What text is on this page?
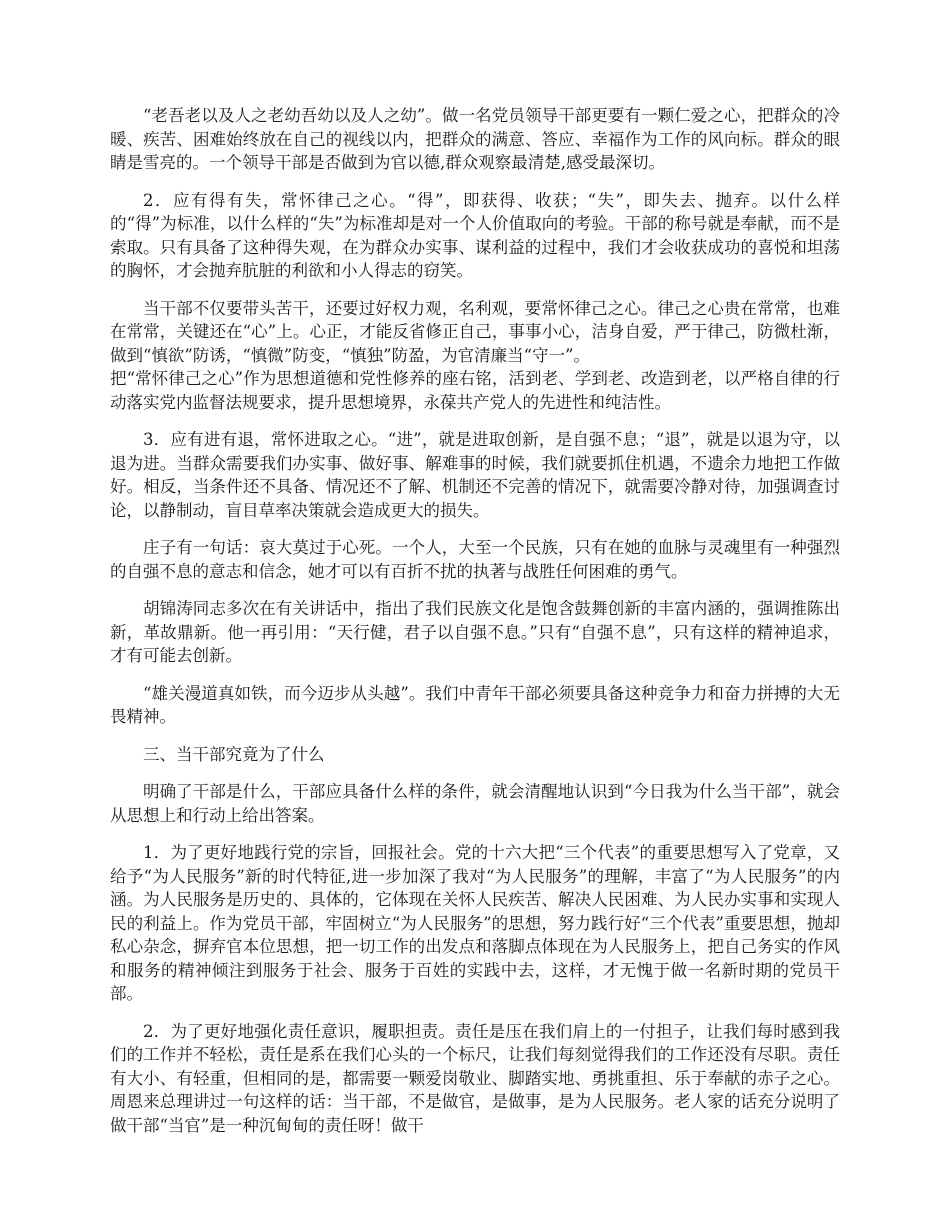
“老吾老以及人之老幼吾幼以及人之幼”。做一名党员领导干部更要有一颗仁爱之心，把群众的冷暖、疾苦、困难始终放在自己的视线以内，把群众的满意、答应、幸福作为工作的风向标。群众的眼睛是雪亮的。一个领导干部是否做到为官以德,群众观察最清楚,感受最深切。

2．应有得有失，常怀律己之心。“得”，即获得、收获；“失”，即失去、抛弃。以什么样的“得”为标准，以什么样的“失”为标准却是对一个人价值取向的考验。干部的称号就是奉献，而不是索取。只有具备了这种得失观，在为群众办实事、谋利益的过程中，我们才会收获成功的喜悦和坦荡的胸怀，才会抛弃肮脏的利欲和小人得志的窃笑。

当干部不仅要带头苦干，还要过好权力观，名利观，要常怀律己之心。律己之心贵在常常，也难在常常，关键还在“心”上。心正，才能反省修正自己，事事小心，洁身自爱，严于律己，防微杜渐，做到“慎欲”防诱，“慎微”防变，“慎独”防盈，为官清廉当“守一”。

把“常怀律己之心”作为思想道德和党性修养的座右铭，活到老、学到老、改造到老，以严格自律的行动落实党内监督法规要求，提升思想境界，永葆共产党人的先进性和纯洁性。

3．应有进有退，常怀进取之心。“进”，就是进取创新，是自强不息；“退”，就是以退为守，以退为进。当群众需要我们办实事、做好事、解难事的时候，我们就要抓住机遇，不遗余力地把工作做好。相反，当条件还不具备、情况还不了解、机制还不完善的情况下，就需要冷静对待，加强调查讨论，以静制动，盲目草率决策就会造成更大的损失。

庄子有一句话：哀大莫过于心死。一个人，大至一个民族，只有在她的血脉与灵魂里有一种强烈的自强不息的意志和信念，她才可以有百折不扰的执著与战胜任何困难的勇气。

胡锦涛同志多次在有关讲话中，指出了我们民族文化是饱含鼓舞创新的丰富内涵的，强调推陈出新，革故鼎新。他一再引用：“天行健，君子以自强不息。”只有“自强不息”，只有这样的精神追求，才有可能去创新。

“雄关漫道真如铁，而今迈步从头越”。我们中青年干部必须要具备这种竞争力和奋力拼搏的大无畏精神。

三、当干部究竟为了什么

明确了干部是什么，干部应具备什么样的条件，就会清醒地认识到“今日我为什么当干部”，就会从思想上和行动上给出答案。

1．为了更好地践行党的宗旨，回报社会。党的十六大把“三个代表”的重要思想写入了党章，又给予“为人民服务”新的时代特征,进一步加深了我对“为人民服务”的理解，丰富了“为人民服务”的内涵。为人民服务是历史的、具体的，它体现在关怀人民疾苦、解决人民困难、为人民办实事和实现人民的利益上。作为党员干部，牢固树立“为人民服务”的思想，努力践行好“三个代表”重要思想，抛却私心杂念，摒弃官本位思想，把一切工作的出发点和落脚点体现在为人民服务上，把自己务实的作风和服务的精神倾注到服务于社会、服务于百姓的实践中去，这样，才无愧于做一名新时期的党员干部。

2．为了更好地强化责任意识，履职担责。责任是压在我们肩上的一付担子，让我们每时感到我们的工作并不轻松，责任是系在我们心头的一个标尺，让我们每刻觉得我们的工作还没有尽职。责任有大小、有轻重，但相同的是，都需要一颗爱岗敬业、脚踏实地、勇挑重担、乐于奉献的赤子之心。周恩来总理讲过一句这样的话：当干部，不是做官，是做事，是为人民服务。老人家的话充分说明了做干部“当官”是一种沉甸甸的责任呀！做干
